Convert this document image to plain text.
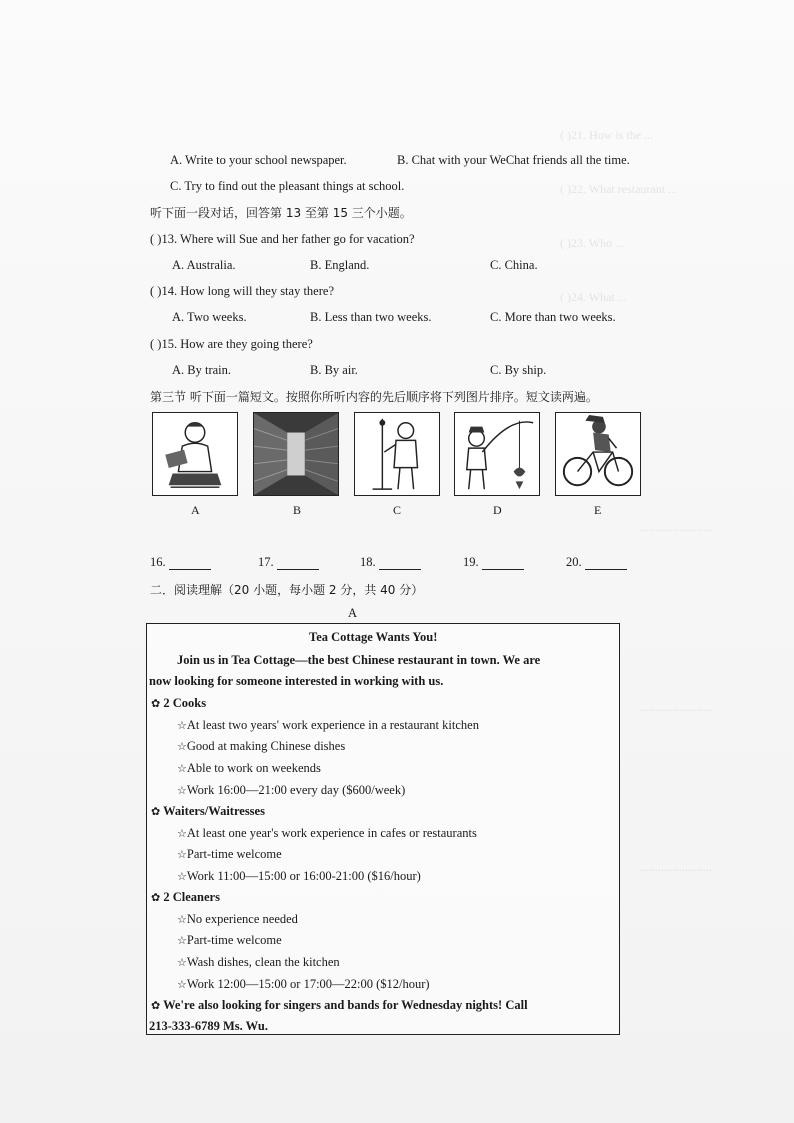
( )21. How is the ...
( )22. What restaurant ...
( )23. Who ...
( )24. What ...
........................
........................
........................
A. Write to your school newspaper.	B. Chat with your WeChat friends all the time.
C. Try to find out the pleasant things at school.
听下面一段对话，回答第 13 至第 15 三个小题。
( )13. Where will Sue and her father go for vacation?
A. Australia.	B. England.	C. China.
( )14. How long will they stay there?
A. Two weeks.	B. Less than two weeks.	C. More than two weeks.
( )15. How are they going there?
A. By train.	B. By air.	C. By ship.
第三节 听下面一篇短文。按照你所听内容的先后顺序将下列图片排序。短文读两遍。
A	B	C	D	E
16.	17.	18.	19.	20.
二．阅读理解（20 小题，每小题 2 分，共 40 分）
A
Tea Cottage Wants You!
Join us in Tea Cottage—the best Chinese restaurant in town. We are
now looking for someone interested in working with us.
✿ 2 Cooks
☆At least two years' work experience in a restaurant kitchen
☆Good at making Chinese dishes
☆Able to work on weekends
☆Work 16:00—21:00 every day ($600/week)
✿ Waiters/Waitresses
☆At least one year's work experience in cafes or restaurants
☆Part-time welcome
☆Work 11:00—15:00 or 16:00-21:00 ($16/hour)
✿ 2 Cleaners
☆No experience needed
☆Part-time welcome
☆Wash dishes, clean the kitchen
☆Work 12:00—15:00 or 17:00—22:00 ($12/hour)
✿ We're also looking for singers and bands for Wednesday nights! Call
213-333-6789 Ms. Wu.
